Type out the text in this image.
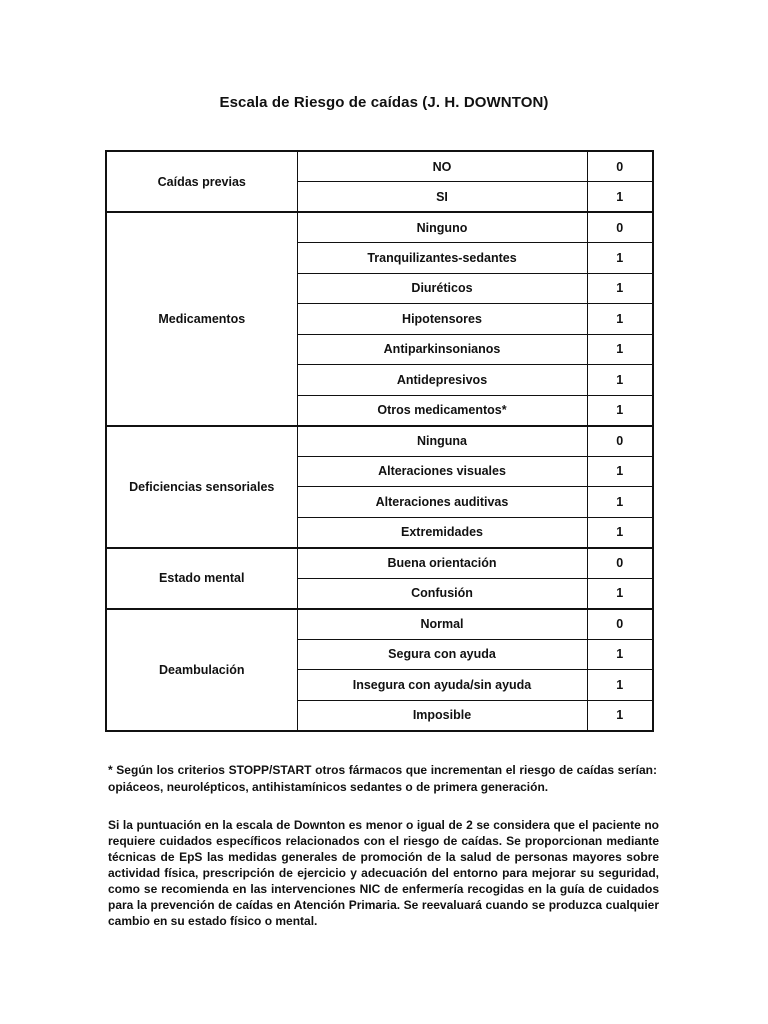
Escala de Riesgo de caídas (J. H. DOWNTON)
Caídas previas	NO	0
	SI	1
Medicamentos	Ninguno	0
	Tranquilizantes-sedantes	1
	Diuréticos	1
	Hipotensores	1
	Antiparkinsonianos	1
	Antidepresivos	1
	Otros medicamentos*	1
Deficiencias sensoriales	Ninguna	0
	Alteraciones visuales	1
	Alteraciones auditivas	1
	Extremidades	1
Estado mental	Buena orientación	0
	Confusión	1
Deambulación	Normal	0
	Segura con ayuda	1
	Insegura con ayuda/sin ayuda	1
	Imposible	1
* Según los criterios STOPP/START otros fármacos que incrementan el riesgo de caídas serían: opiáceos, neurolépticos, antihistamínicos sedantes o de primera generación.
Si la puntuación en la escala de Downton es menor o igual de 2 se considera que el paciente no requiere cuidados específicos relacionados con el riesgo de caídas. Se proporcionan mediante técnicas de EpS las medidas generales de promoción de la salud de personas mayores sobre actividad física, prescripción de ejercicio y adecuación del entorno para mejorar su seguridad, como se recomienda en las intervenciones NIC de enfermería recogidas en la guía de cuidados para la prevención de caídas en Atención Primaria. Se reevaluará cuando se produzca cualquier cambio en su estado físico o mental.
